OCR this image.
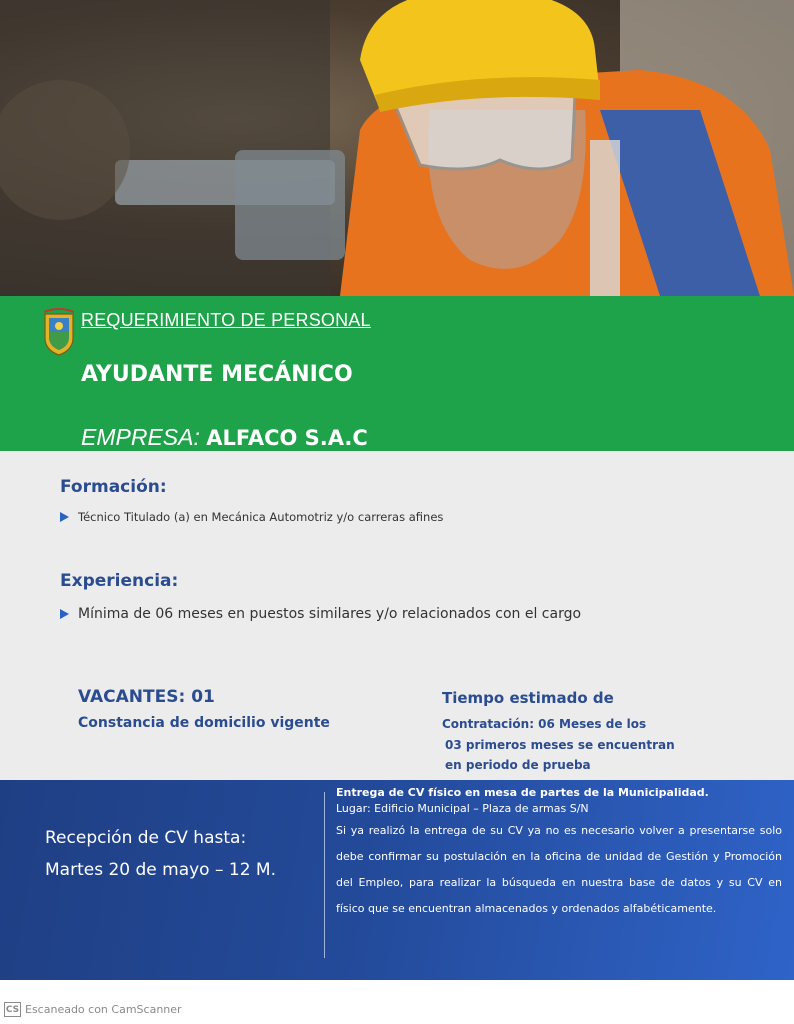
REQUERIMIENTO DE PERSONAL
AYUDANTE MECÁNICO
EMPRESA: ALFACO S.A.C
Formación:
Técnico Titulado (a) en Mecánica Automotriz y/o carreras afines
Experiencia:
Mínima de 06 meses en puestos similares y/o relacionados con el cargo
VACANTES: 01
Constancia de domicilio vigente
Tiempo estimado de
Contratación: 06 Meses de los
03 primeros meses se encuentran
en periodo de prueba
Recepción de CV hasta:
Martes 20 de mayo – 12 M.
Entrega de CV físico en mesa de partes de la Municipalidad.
Lugar: Edificio Municipal – Plaza de armas S/N
Si ya realizó la entrega de su CV ya no es necesario volver a presentarse solo debe confirmar su postulación en la oficina de unidad de Gestión y Promoción del Empleo, para realizar la búsqueda en nuestra base de datos y su CV en físico que se encuentran almacenados y ordenados alfabéticamente.
CS Escaneado con CamScanner
